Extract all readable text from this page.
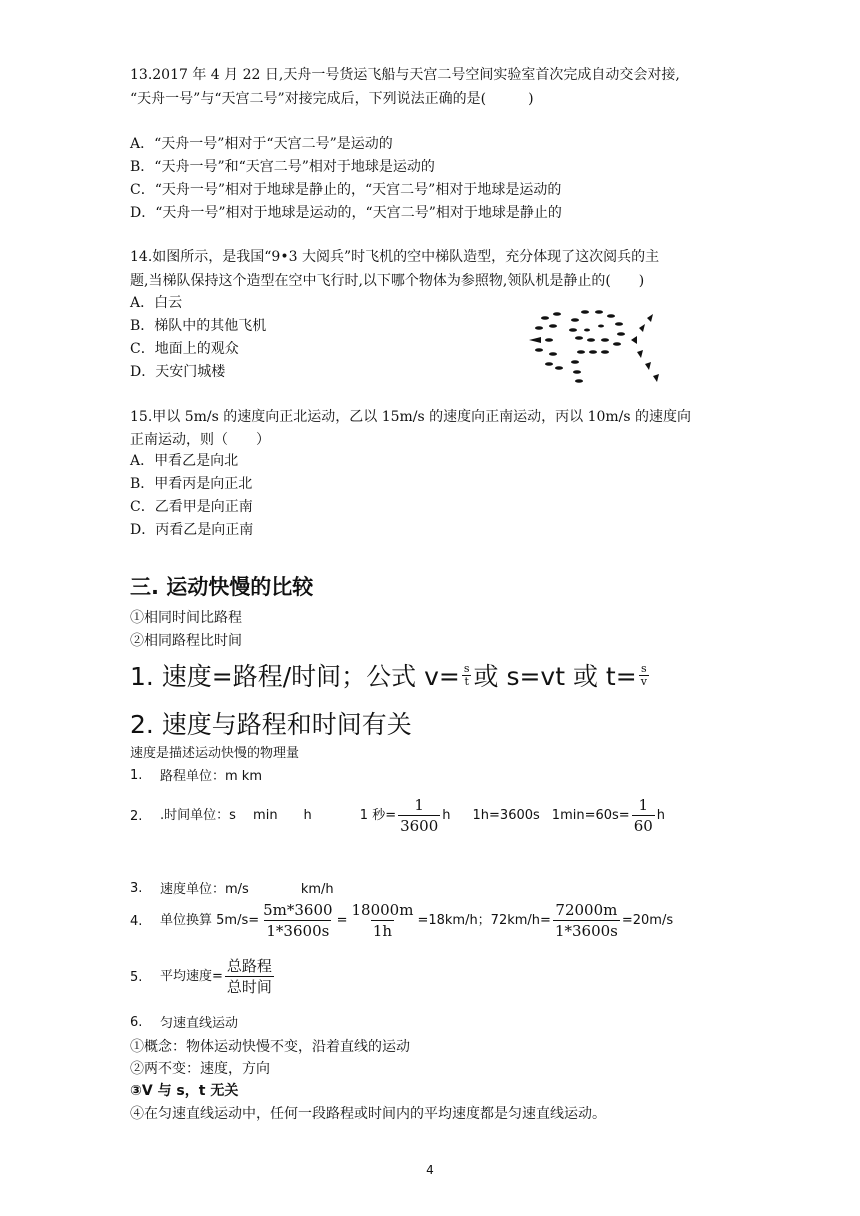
13.2017 年 4 月 22 日,天舟一号货运飞船与天宫二号空间实验室首次完成自动交会对接,
“天舟一号”与“天宫二号”对接完成后，下列说法正确的是(　　　)
A．“天舟一号”相对于“天宫二号”是运动的
B．“天舟一号”和“天宫二号”相对于地球是运动的
C．“天舟一号”相对于地球是静止的，“天宫二号”相对于地球是运动的
D．“天舟一号”相对于地球是运动的，“天宫二号”相对于地球是静止的
14.如图所示，是我国“9•3 大阅兵”时飞机的空中梯队造型，充分体现了这次阅兵的主
题,当梯队保持这个造型在空中飞行时,以下哪个物体为参照物,领队机是静止的(　　)
A．白云
B．梯队中的其他飞机
C．地面上的观众
D．天安门城楼
15.甲以 5m/s 的速度向正北运动，乙以 15m/s 的速度向正南运动，丙以 10m/s 的速度向
正南运动，则（　　）
A．甲看乙是向北
B．甲看丙是向正北
C．乙看甲是向正南
D．丙看乙是向正南
三. 运动快慢的比较
①相同时间比路程
②相同路程比时间
1. 速度=路程/时间；公式 $v= \frac{s}{t}$ 或 s=vt 或 $t= \frac{s}{v}$
2. 速度与路程和时间有关
速度是描述运动快慢的物理量
1. 路程单位：m km
2. .时间单位：s　 min　　h	1 秒= $\frac{1}{3600}$ h 1h=3600s $1\min=60s= \frac{1}{60}$ h
3. 速度单位：m/s　　　　km/h
4. 单位换算 $5m/s= \frac{5m*3600}{1*3600s} = \frac{18000m}{1h} =18km/h$；$72km/h= \frac{72000m}{1*3600s} =20m/s$
5. 平均速度= $\frac{\text{总路程}}{\text{总时间}}$
6. 匀速直线运动
①概念：物体运动快慢不变，沿着直线的运动
②两不变：速度，方向
③V 与 s，t 无关
④在匀速直线运动中，任何一段路程或时间内的平均速度都是匀速直线运动。
4
